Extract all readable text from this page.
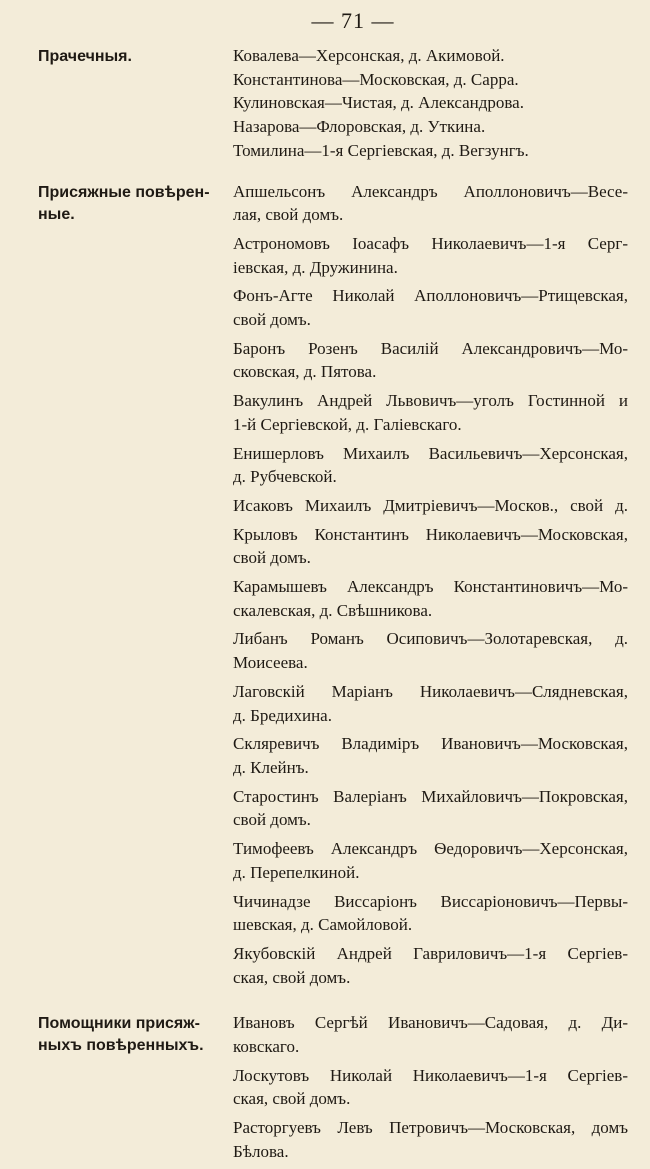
— 71 —
Прачечныя.	Ковалева—Херсонская, д. Акимовой.
Константинова—Московская, д. Сарра.
Кулиновская—Чистая, д. Александрова.
Назарова—Флоровская, д. Уткина.
Томилина—1-я Сергіевская, д. Вегзунгъ.
Присяжные повѣрен-
ные.
Апшельсонъ Александръ Аполлоновичъ—Весе-
лая, свой домъ.
Астрономовъ Іоасафъ Николаевичъ—1-я Серг-
іевская, д. Дружинина.
Фонъ-Агте Николай Аполлоновичъ—Ртищевская,
свой домъ.
Баронъ Розенъ Василій Александровичъ—Мо-
сковская, д. Пятова.
Вакулинъ Андрей Львовичъ—уголъ Гостинной и
1-й Сергіевской, д. Галіевскаго.
Енишерловъ Михаилъ Васильевичъ—Херсонская,
д. Рубчевской.
Исаковъ Михаилъ Дмитріевичъ—Москов., свой д.
Крыловъ Константинъ Николаевичъ—Московская,
свой домъ.
Карамышевъ Александръ Константиновичъ—Мо-
скалевская, д. Свѣшникова.
Либанъ Романъ Осиповичъ—Золотаревская, д.
Моисеева.
Лаговскій Маріанъ Николаевичъ—Слядневская,
д. Бредихина.
Скляревичъ Владиміръ Ивановичъ—Московская,
д. Клейнъ.
Старостинъ Валеріанъ Михайловичъ—Покровская,
свой домъ.
Тимофеевъ Александръ Ѳедоровичъ—Херсонская,
д. Перепелкиной.
Чичинадзе Виссаріонъ Виссаріоновичъ—Первы-
шевская, д. Самойловой.
Якубовскій Андрей Гавриловичъ—1-я Сергіев-
ская, свой домъ.
Помощники присяж-
ныхъ повѣренныхъ.
Ивановъ Сергѣй Ивановичъ—Садовая, д. Ди-
ковскаго.
Лоскутовъ Николай Николаевичъ—1-я Сергіев-
ская, свой домъ.
Расторгуевъ Левъ Петровичъ—Московская, домъ
Бѣлова.
